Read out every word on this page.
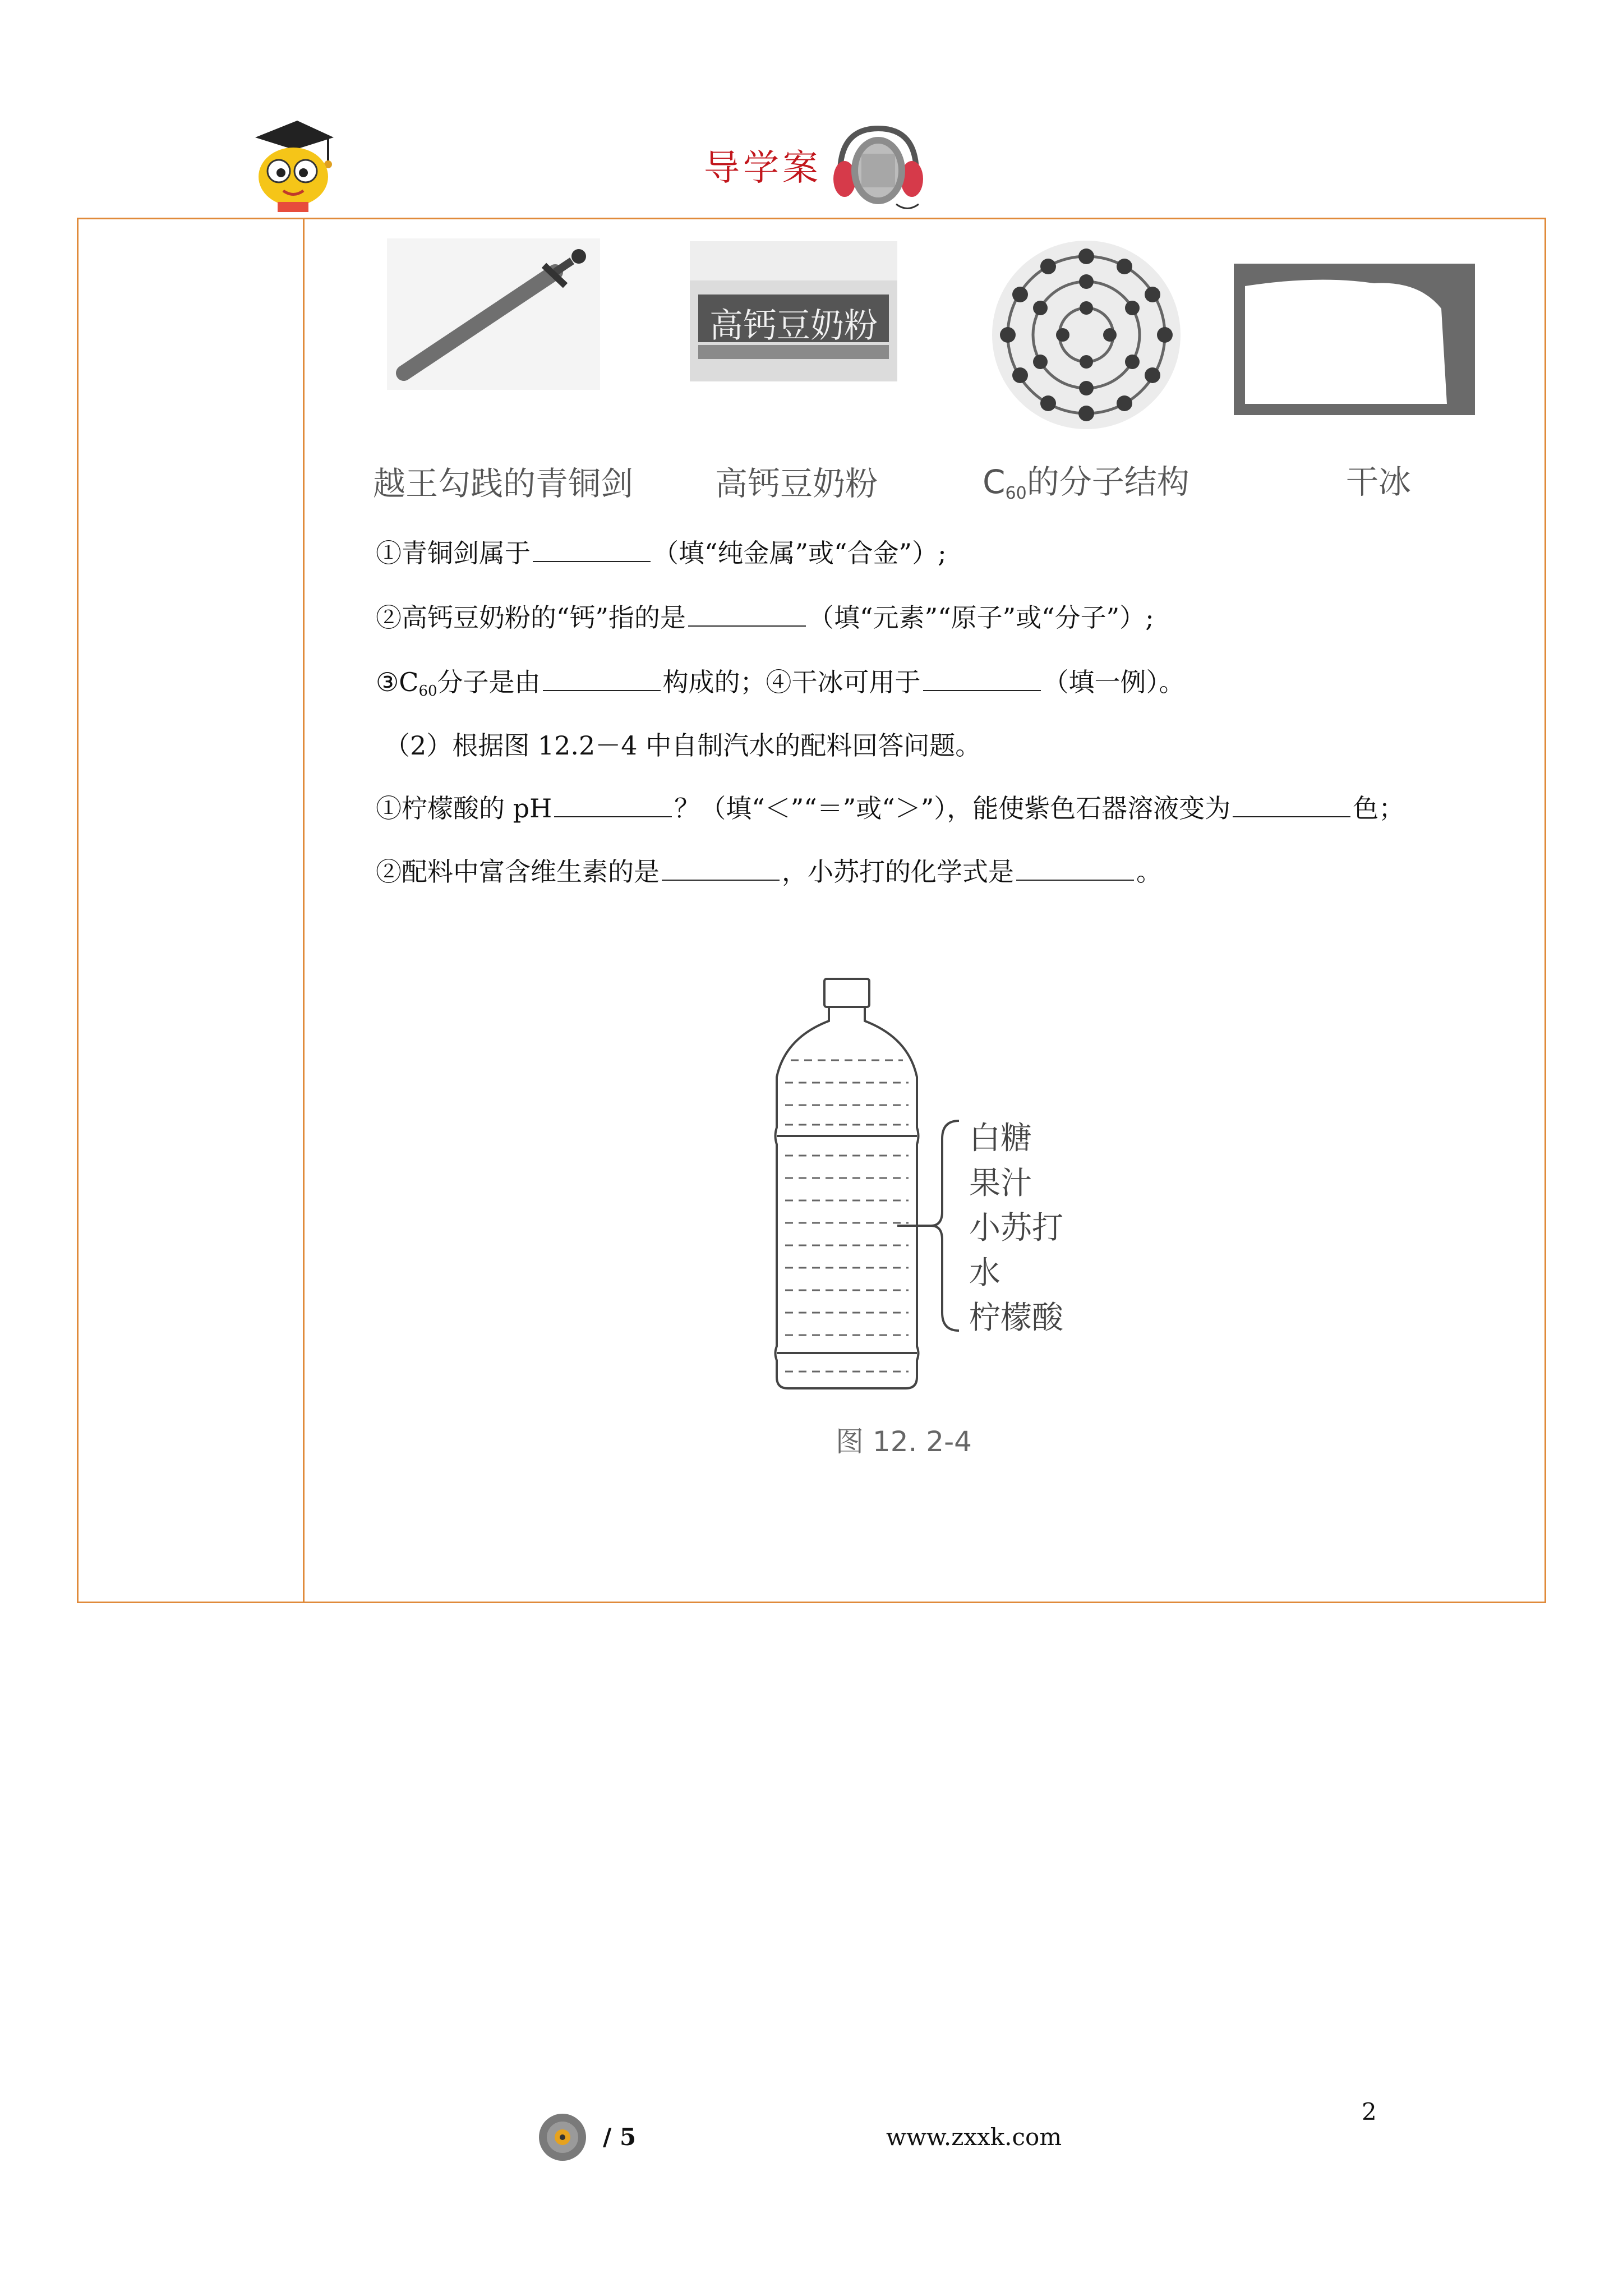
导学案
高钙豆奶粉
越王勾践的青铜剑	高钙豆奶粉	$C_{60}$的分子结构	干冰
①青铜剑属于	（填“纯金属”或“合金”）;
②高钙豆奶粉的“钙”指的是	（填“元素”“原子”或“分子”）;
$③C_{60}$分子是由	构成的；④干冰可用于	（填一例）。
（2）根据图 12.2－4 中自制汽水的配料回答问题。
①柠檬酸的 pH	？（填“＜”“＝”或“＞”），能使紫色石器溶液变为	色；
②配料中富含维生素的是	，小苏打的化学式是	。
白糖
果汁
小苏打
水
柠檬酸
图 12. 2-4
2
/ 5	www.zxxk.com
